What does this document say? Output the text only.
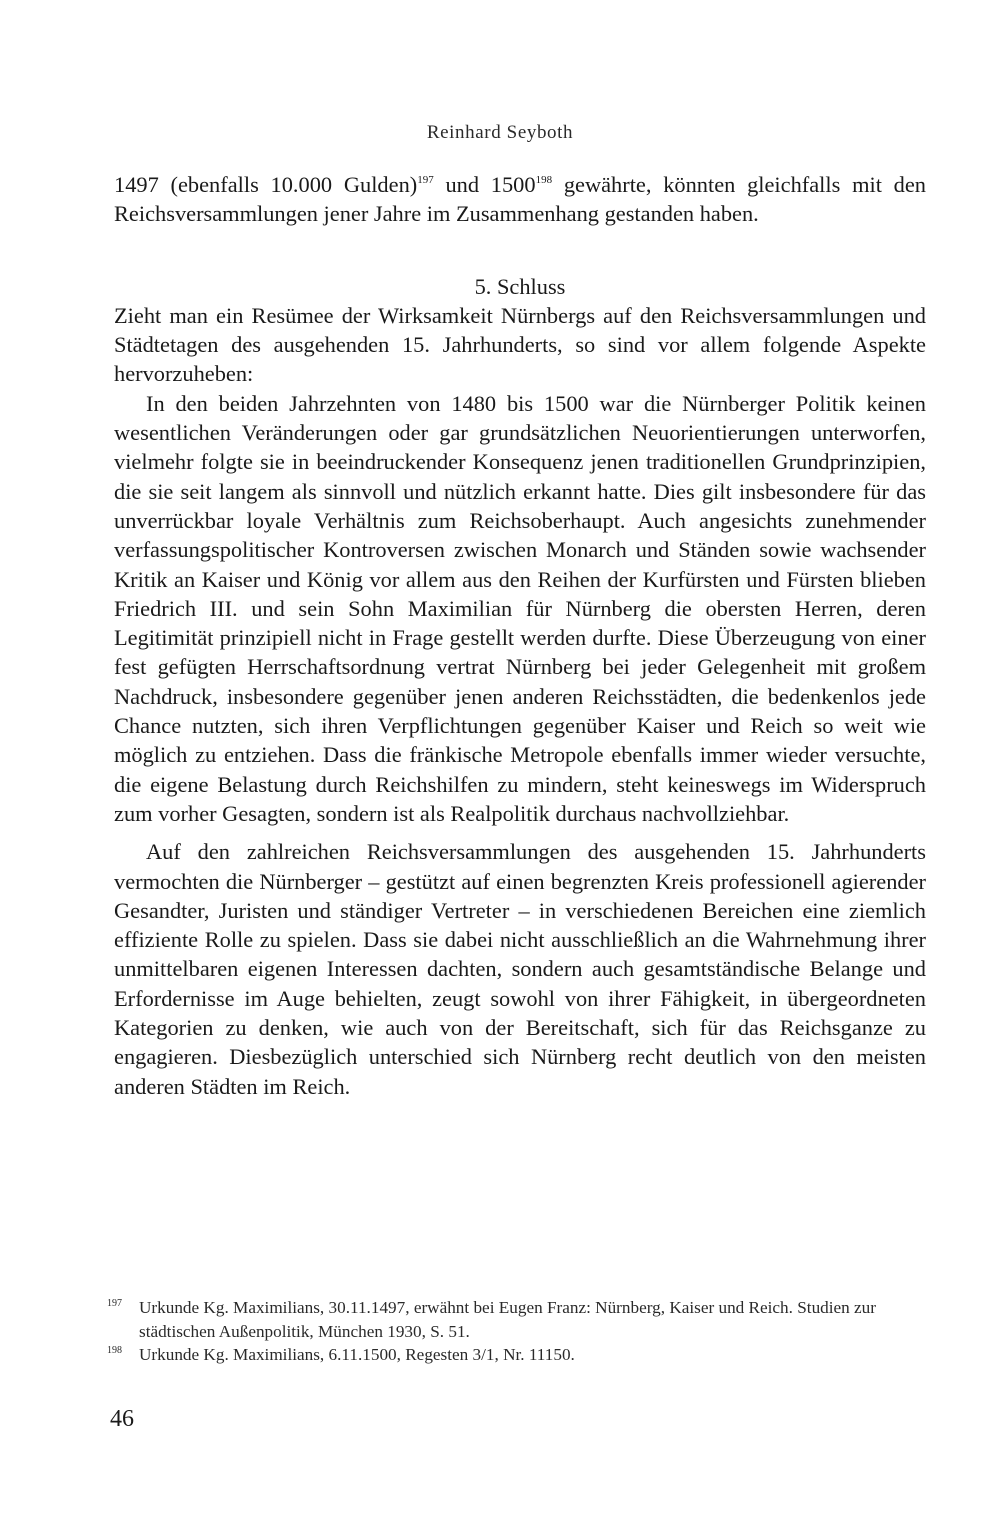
Reinhard Seyboth

1497 (ebenfalls 10.000 Gulden)$^{197}$ und 1500$^{198}$ gewährte, könnten gleichfalls mit den Reichsversammlungen jener Jahre im Zusammenhang gestanden haben.

5. Schluss

Zieht man ein Resümee der Wirksamkeit Nürnbergs auf den Reichsversammlungen und Städtetagen des ausgehenden 15. Jahrhunderts, so sind vor allem folgende Aspekte hervorzuheben:

In den beiden Jahrzehnten von 1480 bis 1500 war die Nürnberger Politik keinen wesentlichen Veränderungen oder gar grundsätzlichen Neuorientierungen unterworfen, vielmehr folgte sie in beeindruckender Konsequenz jenen traditionellen Grundprinzipien, die sie seit langem als sinnvoll und nützlich erkannt hatte. Dies gilt insbesondere für das unverrückbar loyale Verhältnis zum Reichsoberhaupt. Auch angesichts zunehmender verfassungspolitischer Kontroversen zwischen Monarch und Ständen sowie wachsender Kritik an Kaiser und König vor allem aus den Reihen der Kurfürsten und Fürsten blieben Friedrich III. und sein Sohn Maximilian für Nürnberg die obersten Herren, deren Legitimität prinzipiell nicht in Frage gestellt werden durfte. Diese Überzeugung von einer fest gefügten Herrschaftsordnung vertrat Nürnberg bei jeder Gelegenheit mit großem Nachdruck, insbesondere gegenüber jenen anderen Reichsstädten, die bedenkenlos jede Chance nutzten, sich ihren Verpflichtungen gegenüber Kaiser und Reich so weit wie möglich zu entziehen. Dass die fränkische Metropole ebenfalls immer wieder versuchte, die eigene Belastung durch Reichshilfen zu mindern, steht keineswegs im Widerspruch zum vorher Gesagten, sondern ist als Realpolitik durchaus nachvollziehbar.

Auf den zahlreichen Reichsversammlungen des ausgehenden 15. Jahrhunderts vermochten die Nürnberger – gestützt auf einen begrenzten Kreis professionell agierender Gesandter, Juristen und ständiger Vertreter – in verschiedenen Bereichen eine ziemlich effiziente Rolle zu spielen. Dass sie dabei nicht ausschließlich an die Wahrnehmung ihrer unmittelbaren eigenen Interessen dachten, sondern auch gesamtständische Belange und Erfordernisse im Auge behielten, zeugt sowohl von ihrer Fähigkeit, in übergeordneten Kategorien zu denken, wie auch von der Bereitschaft, sich für das Reichsganze zu engagieren. Diesbezüglich unterschied sich Nürnberg recht deutlich von den meisten anderen Städten im Reich.

197 Urkunde Kg. Maximilians, 30.11.1497, erwähnt bei Eugen Franz: Nürnberg, Kaiser und Reich. Studien zur städtischen Außenpolitik, München 1930, S. 51.
198 Urkunde Kg. Maximilians, 6.11.1500, Regesten 3/1, Nr. 11150.
46
